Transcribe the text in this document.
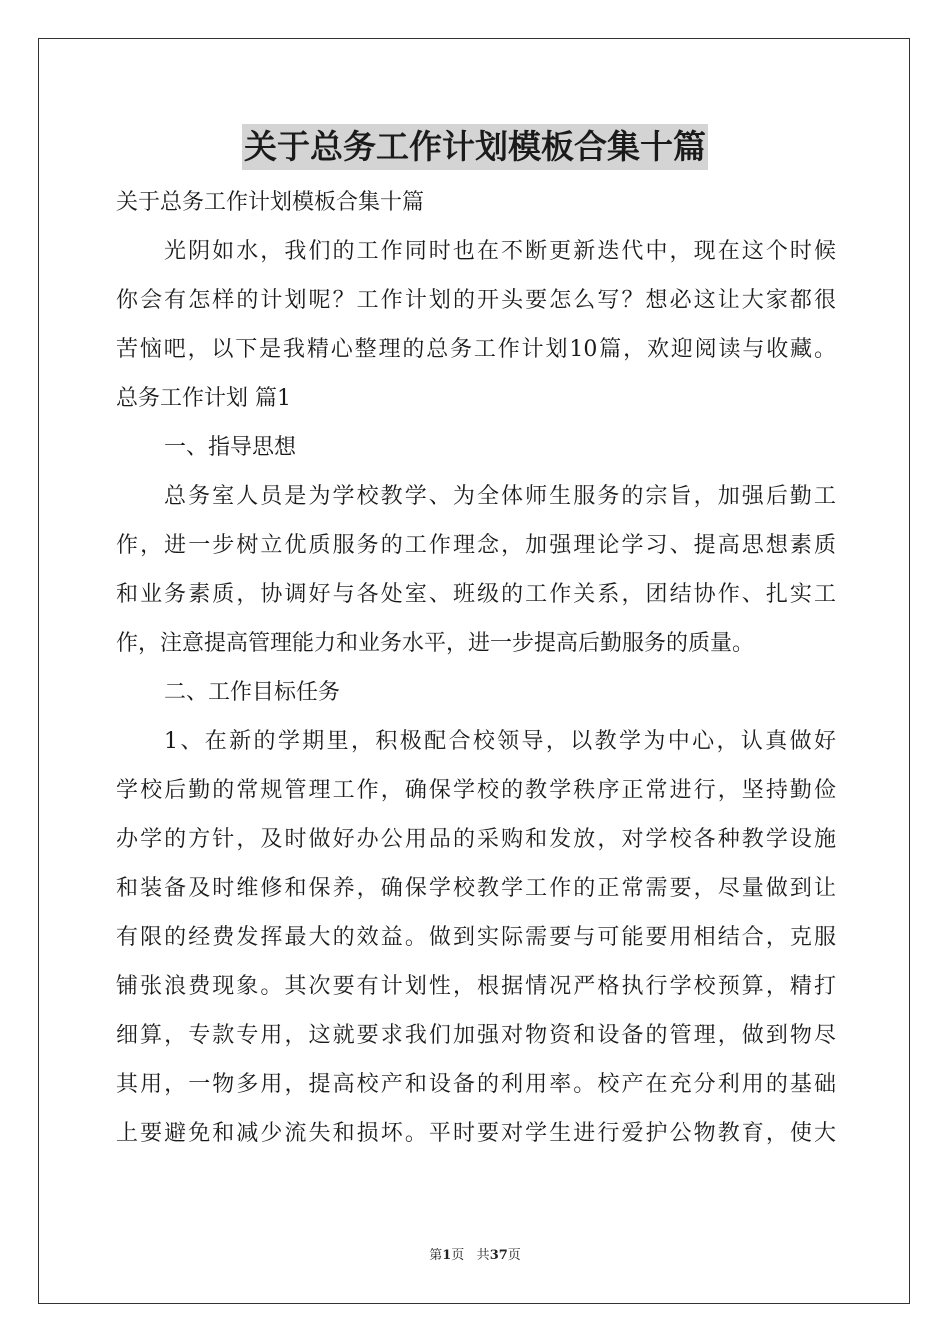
关于总务工作计划模板合集十篇
关于总务工作计划模板合集十篇
光阴如水，我们的工作同时也在不断更新迭代中，现在这个时候
你会有怎样的计划呢？工作计划的开头要怎么写？想必这让大家都很
苦恼吧，以下是我精心整理的总务工作计划10篇，欢迎阅读与收藏。
总务工作计划 篇1
一、指导思想
总务室人员是为学校教学、为全体师生服务的宗旨，加强后勤工
作，进一步树立优质服务的工作理念，加强理论学习、提高思想素质
和业务素质，协调好与各处室、班级的工作关系，团结协作、扎实工
作，注意提高管理能力和业务水平，进一步提高后勤服务的质量。
二、工作目标任务
1、在新的学期里，积极配合校领导，以教学为中心，认真做好
学校后勤的常规管理工作，确保学校的教学秩序正常进行，坚持勤俭
办学的方针，及时做好办公用品的采购和发放，对学校各种教学设施
和装备及时维修和保养，确保学校教学工作的正常需要，尽量做到让
有限的经费发挥最大的效益。做到实际需要与可能要用相结合，克服
铺张浪费现象。其次要有计划性，根据情况严格执行学校预算，精打
细算，专款专用，这就要求我们加强对物资和设备的管理，做到物尽
其用，一物多用，提高校产和设备的利用率。校产在充分利用的基础
上要避免和减少流失和损坏。平时要对学生进行爱护公物教育，使大
第1页 共37页
